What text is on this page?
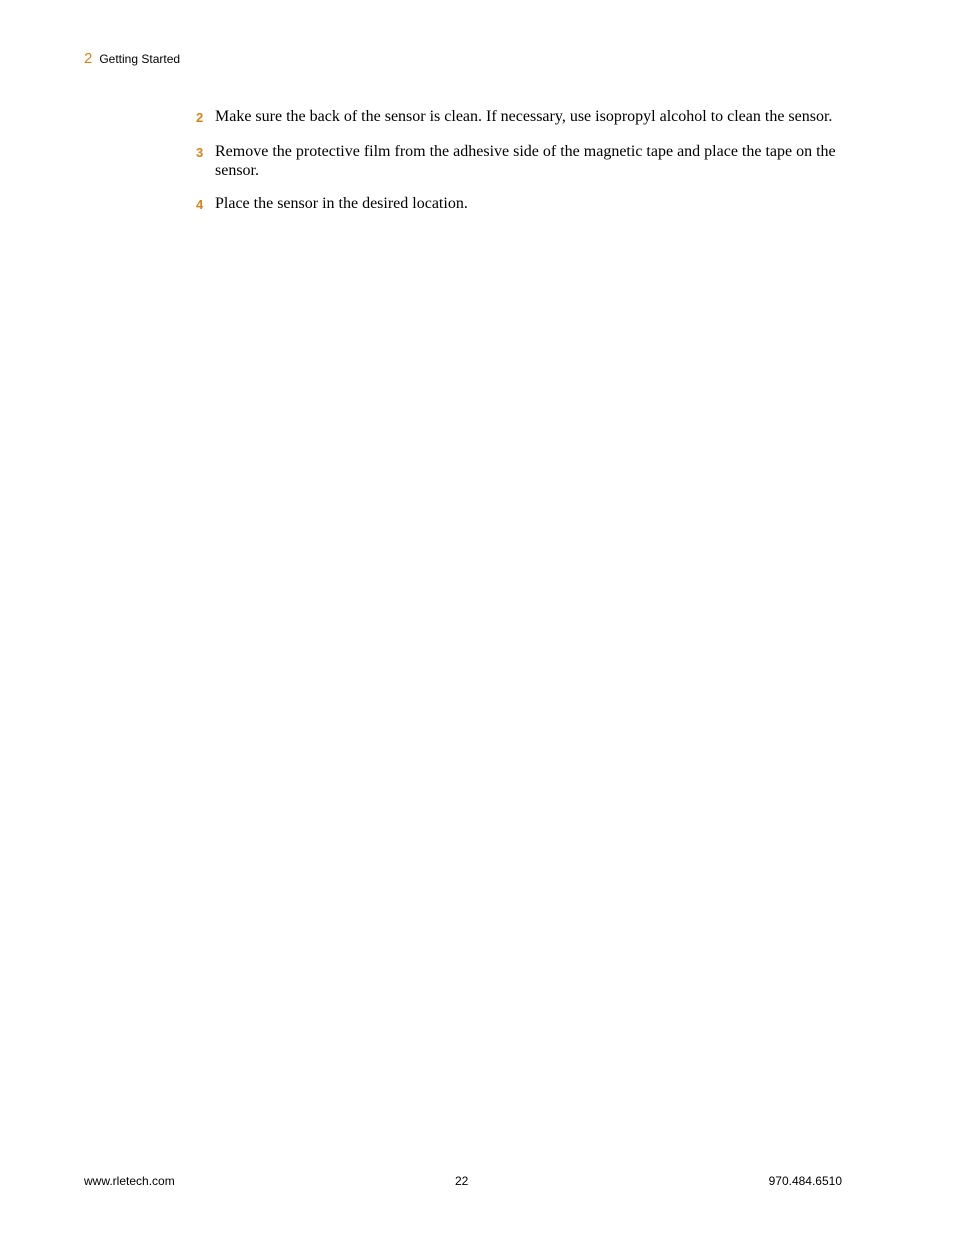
2 Getting Started
2 Make sure the back of the sensor is clean. If necessary, use isopropyl alcohol to clean the sensor.
3 Remove the protective film from the adhesive side of the magnetic tape and place the tape on the sensor.
4 Place the sensor in the desired location.
www.rletech.com	22	970.484.6510
